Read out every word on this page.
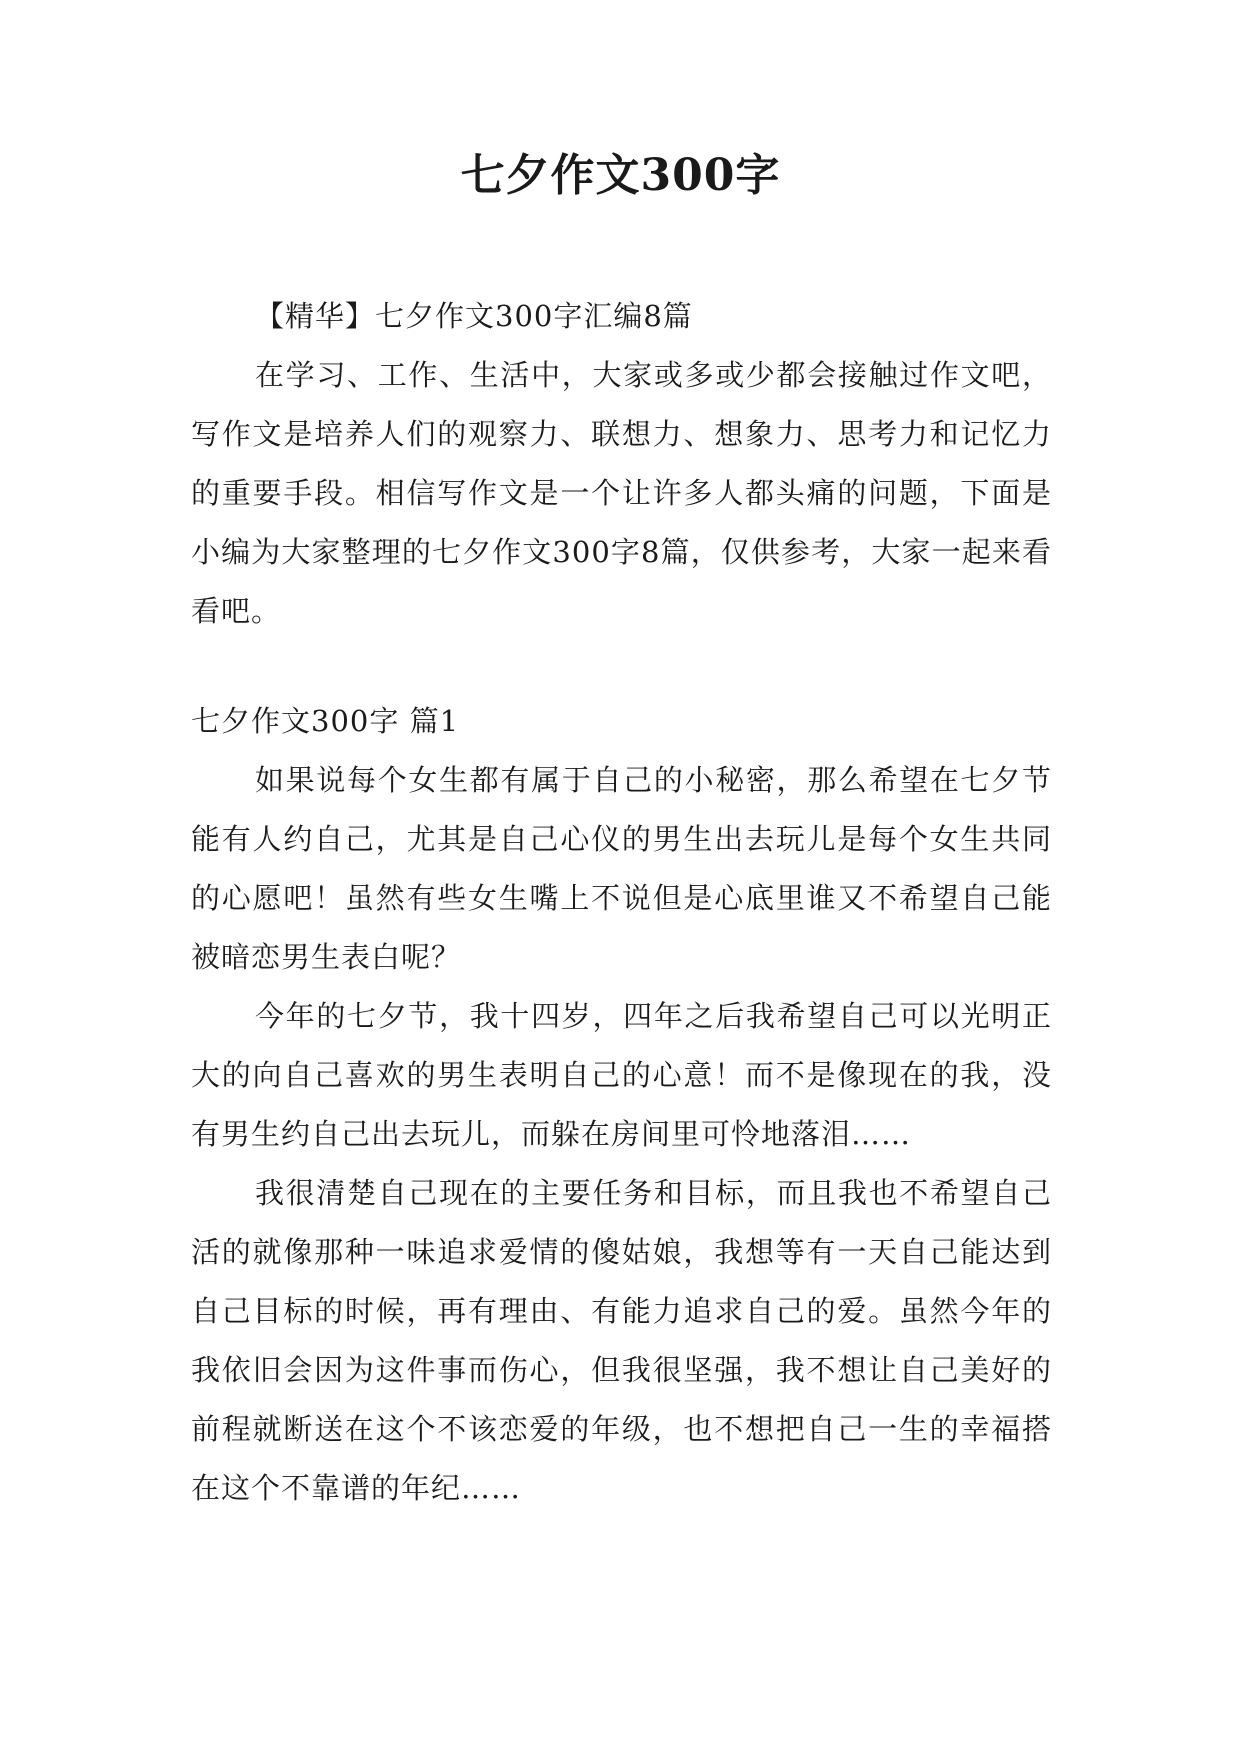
七夕作文300字

【精华】七夕作文300字汇编8篇

在学习、工作、生活中，大家或多或少都会接触过作文吧，写作文是培养人们的观察力、联想力、想象力、思考力和记忆力的重要手段。相信写作文是一个让许多人都头痛的问题，下面是小编为大家整理的七夕作文300字8篇，仅供参考，大家一起来看看吧。

七夕作文300字 篇1

如果说每个女生都有属于自己的小秘密，那么希望在七夕节能有人约自己，尤其是自己心仪的男生出去玩儿是每个女生共同的心愿吧！虽然有些女生嘴上不说但是心底里谁又不希望自己能被暗恋男生表白呢？

今年的七夕节，我十四岁，四年之后我希望自己可以光明正大的向自己喜欢的男生表明自己的心意！而不是像现在的我，没有男生约自己出去玩儿，而躲在房间里可怜地落泪……

我很清楚自己现在的主要任务和目标，而且我也不希望自己活的就像那种一味追求爱情的傻姑娘，我想等有一天自己能达到自己目标的时候，再有理由、有能力追求自己的爱。虽然今年的我依旧会因为这件事而伤心，但我很坚强，我不想让自己美好的前程就断送在这个不该恋爱的年级，也不想把自己一生的幸福搭在这个不靠谱的年纪……
